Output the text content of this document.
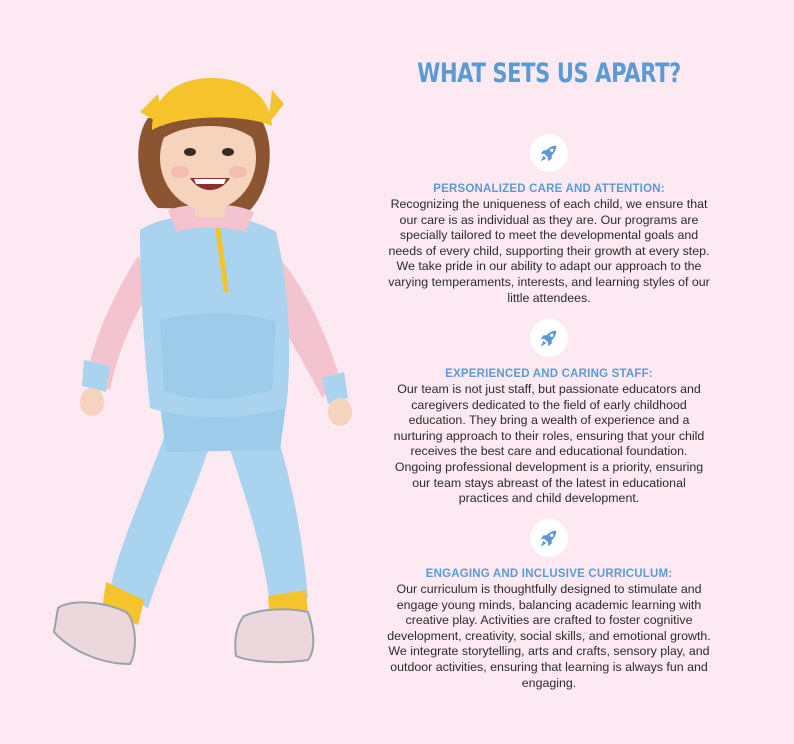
WHAT SETS US APART?
PERSONALIZED CARE AND ATTENTION:
Recognizing the uniqueness of each child, we ensure that
our care is as individual as they are. Our programs are
specially tailored to meet the developmental goals and
needs of every child, supporting their growth at every step.
We take pride in our ability to adapt our approach to the
varying temperaments, interests, and learning styles of our
little attendees.
EXPERIENCED AND CARING STAFF:
Our team is not just staff, but passionate educators and
caregivers dedicated to the field of early childhood
education. They bring a wealth of experience and a
nurturing approach to their roles, ensuring that your child
receives the best care and educational foundation.
Ongoing professional development is a priority, ensuring
our team stays abreast of the latest in educational
practices and child development.
ENGAGING AND INCLUSIVE CURRICULUM:
Our curriculum is thoughtfully designed to stimulate and
engage young minds, balancing academic learning with
creative play. Activities are crafted to foster cognitive
development, creativity, social skills, and emotional growth.
We integrate storytelling, arts and crafts, sensory play, and
outdoor activities, ensuring that learning is always fun and
engaging.
